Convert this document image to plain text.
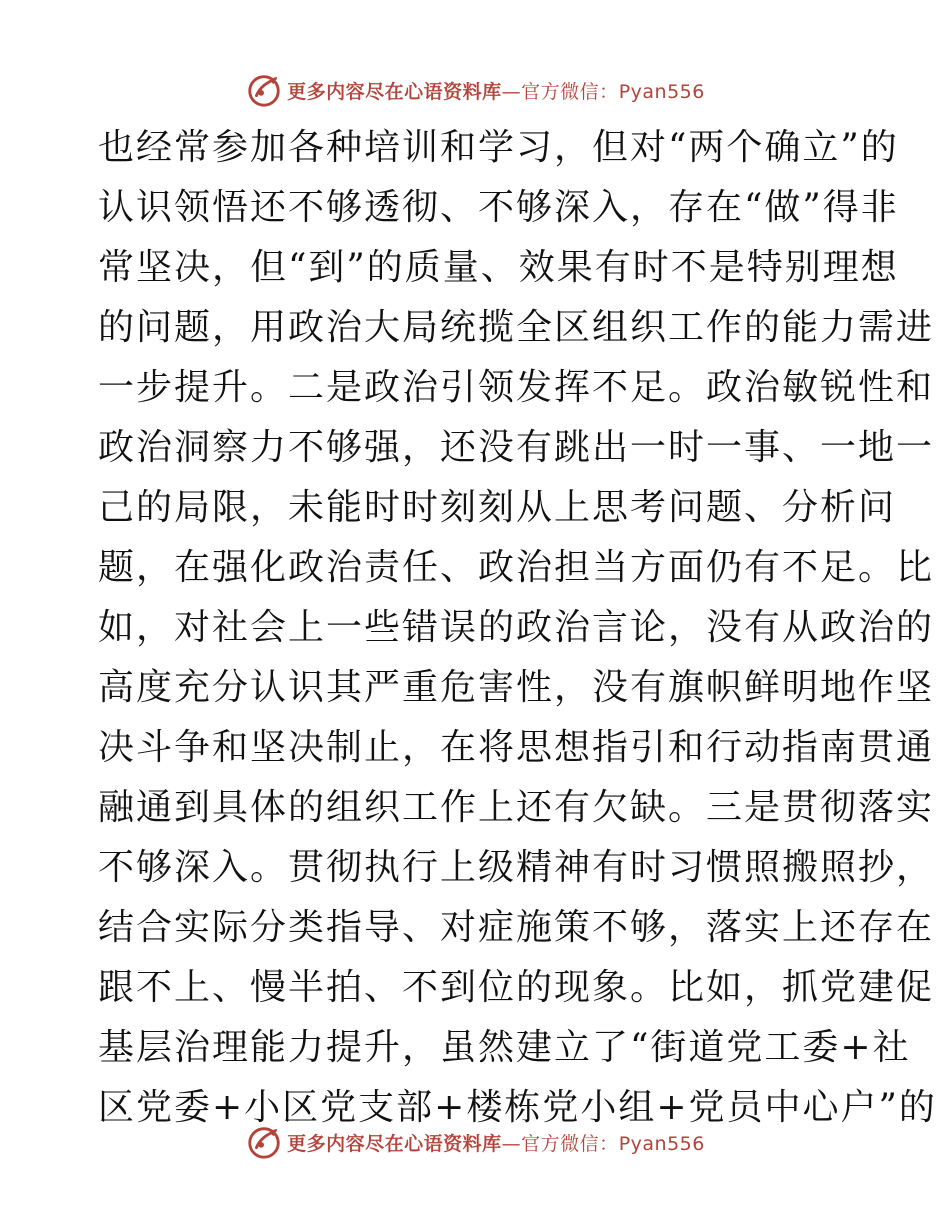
更多内容尽在心语资料库—官方微信：Pyan556
也经常参加各种培训和学习，但对“两个确立”的
认识领悟还不够透彻、不够深入，存在“做”得非
常坚决，但“到”的质量、效果有时不是特别理想
的问题，用政治大局统揽全区组织工作的能力需进
一步提升。二是政治引领发挥不足。政治敏锐性和
政治洞察力不够强，还没有跳出一时一事、一地一
己的局限，未能时时刻刻从上思考问题、分析问
题，在强化政治责任、政治担当方面仍有不足。比
如，对社会上一些错误的政治言论，没有从政治的
高度充分认识其严重危害性，没有旗帜鲜明地作坚
决斗争和坚决制止，在将思想指引和行动指南贯通
融通到具体的组织工作上还有欠缺。三是贯彻落实
不够深入。贯彻执行上级精神有时习惯照搬照抄，
结合实际分类指导、对症施策不够，落实上还存在
跟不上、慢半拍、不到位的现象。比如，抓党建促
基层治理能力提升，虽然建立了“街道党工委+社
区党委+小区党支部+楼栋党小组+党员中心户”的
更多内容尽在心语资料库—官方微信：Pyan556
